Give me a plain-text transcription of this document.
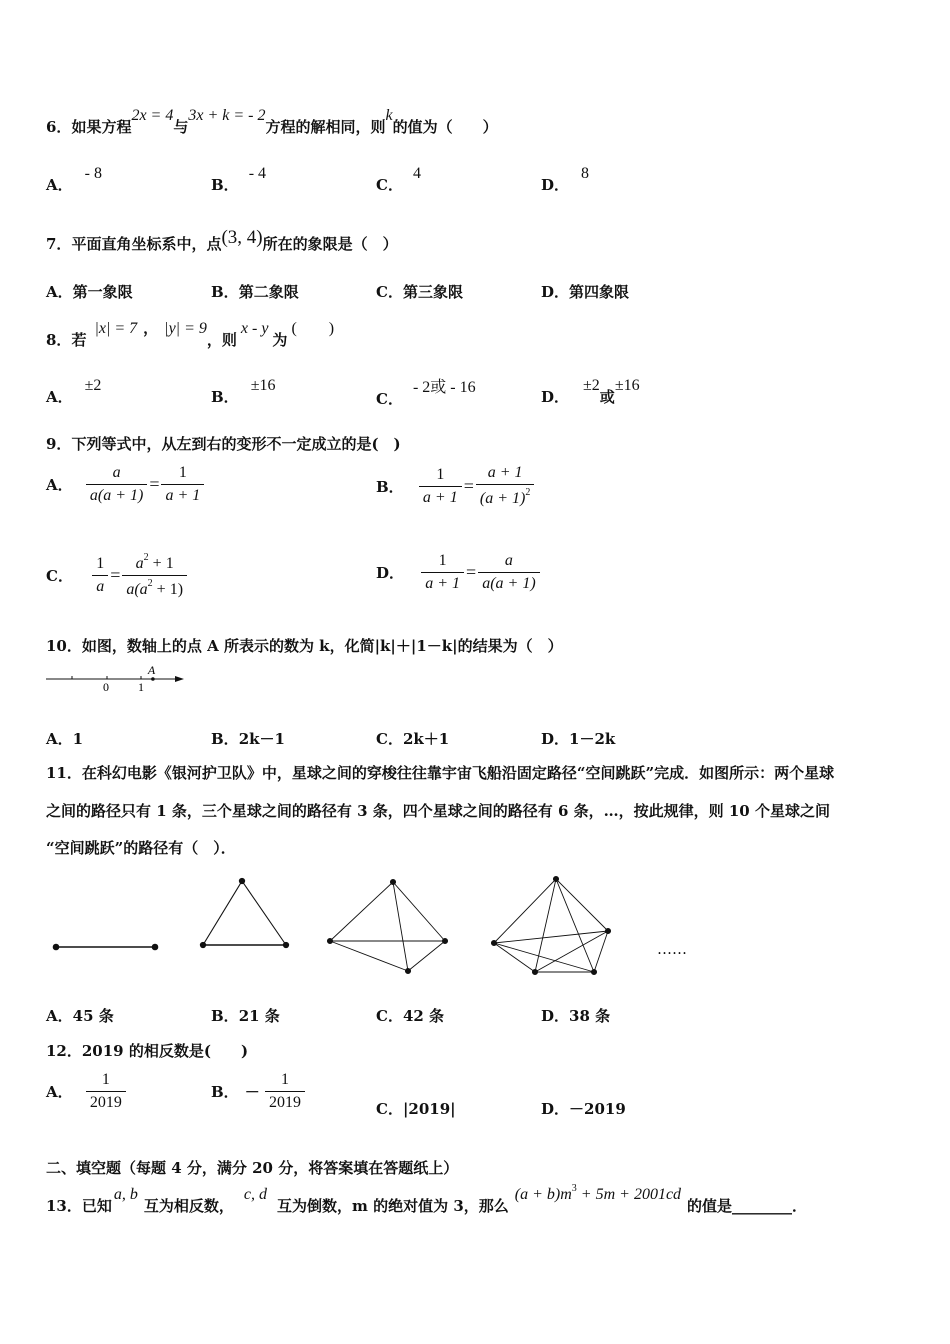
6．如果方程2x = 4与3x + k = - 2方程的解相同，则k的值为（　　）
A．- 8
B．- 4
C．4
D．8
7．平面直角坐标系中，点(3, 4)所在的象限是（　）
A．第一象限	B．第二象限	C．第三象限	D．第四象限
8．若|x| = 7 ， |y| = 9，则x - y为(　　)
A．±2
B．±16
C．- 2或 - 16
D．±2或±16
9．下列等式中，从左到右的变形不一定成立的是(　)
A． $\frac{a}{a(a + 1)} = \frac{1}{a + 1}$	B． $\frac{1}{a + 1} = \frac{a + 1}{(a + 1)^2}$
C． $\frac{1}{a} = \frac{a^2 + 1}{a(a^2 + 1)}$	D． $\frac{1}{a + 1} = \frac{a}{a(a + 1)}$
10．如图，数轴上的点 A 所表示的数为 k，化简|k|＋|1－k|的结果为（　）
0 1
A
A．1	B．2k－1	C．2k＋1	D．1－2k
11．在科幻电影《银河护卫队》中，星球之间的穿梭往往靠宇宙飞船沿固定路径“空间跳跃”完成．如图所示：两个星球
之间的路径只有 1 条，三个星球之间的路径有 3 条，四个星球之间的路径有 6 条，…，按此规律，则 10 个星球之间
“空间跳跃”的路径有（　）．
……
A．45 条	B．21 条	C．42 条	D．38 条
12．2019 的相反数是(　　)
A． $\frac{1}{2019}$	B． － $\frac{1}{2019}$	C．|2019|	D．－2019
二、填空题（每题 4 分，满分 20 分，将答案填在答题纸上）
13．已知a, b互为相反数，c, d互为倒数，m 的绝对值为 3，那么$(a + b)m^3 + 5m + 2001cd$的值是________．
